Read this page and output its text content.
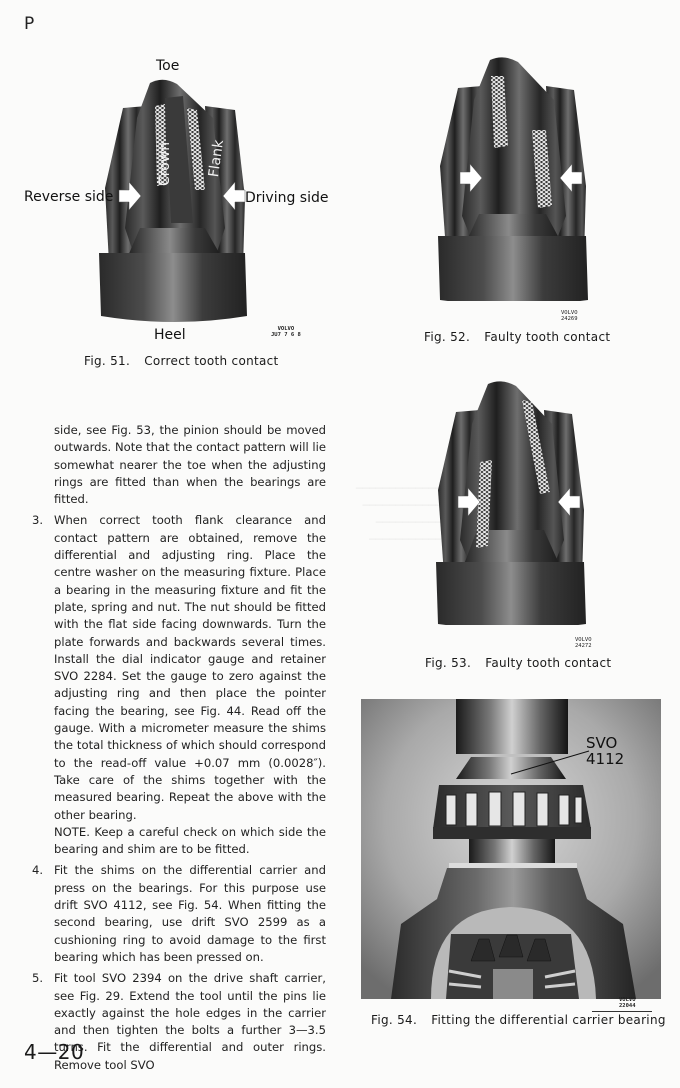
P
────────────────
───────────────
─────────────
──────────────
Crown Flank
Toe
Reverse side	Driving side
Heel	VOLVO
JU7 7 6 8
Fig. 51. Correct tooth contact
VOLVO
24269
Fig. 52. Faulty tooth contact
VOLVO
24272
Fig. 53. Faulty tooth contact
SVO
4112
VOLVO
22044
Fig. 54. Fitting the differential carrier bearing

side, see Fig. 53, the pinion should be moved outwards. Note that the contact pattern will lie somewhat nearer the toe when the adjusting rings are fitted than when the bearings are fitted.

3. When correct tooth flank clearance and contact pattern are obtained, remove the differential and adjusting ring. Place the centre washer on the measuring fixture. Place a bearing in the measuring fixture and fit the plate, spring and nut. The nut should be fitted with the flat side facing downwards. Turn the plate forwards and backwards several times. Install the dial indicator gauge and retainer SVO 2284. Set the gauge to zero against the adjusting ring and then place the pointer facing the bearing, see Fig. 44. Read off the gauge. With a micrometer measure the shims the total thickness of which should correspond to the read-off value +0.07 mm (0.0028″). Take care of the shims together with the measured bearing. Repeat the above with the other bearing.

NOTE. Keep a careful check on which side the bearing and shim are to be fitted.

4. Fit the shims on the differential carrier and press on the bearings. For this purpose use drift SVO 4112, see Fig. 54. When fitting the second bearing, use drift SVO 2599 as a cushioning ring to avoid damage to the first bearing which has been pressed on.

5. Fit tool SVO 2394 on the drive shaft carrier, see Fig. 29. Extend the tool until the pins lie exactly against the hole edges in the carrier and then tighten the bolts a further 3—3.5 turns. Fit the differential and outer rings. Remove tool SVO

4—20
